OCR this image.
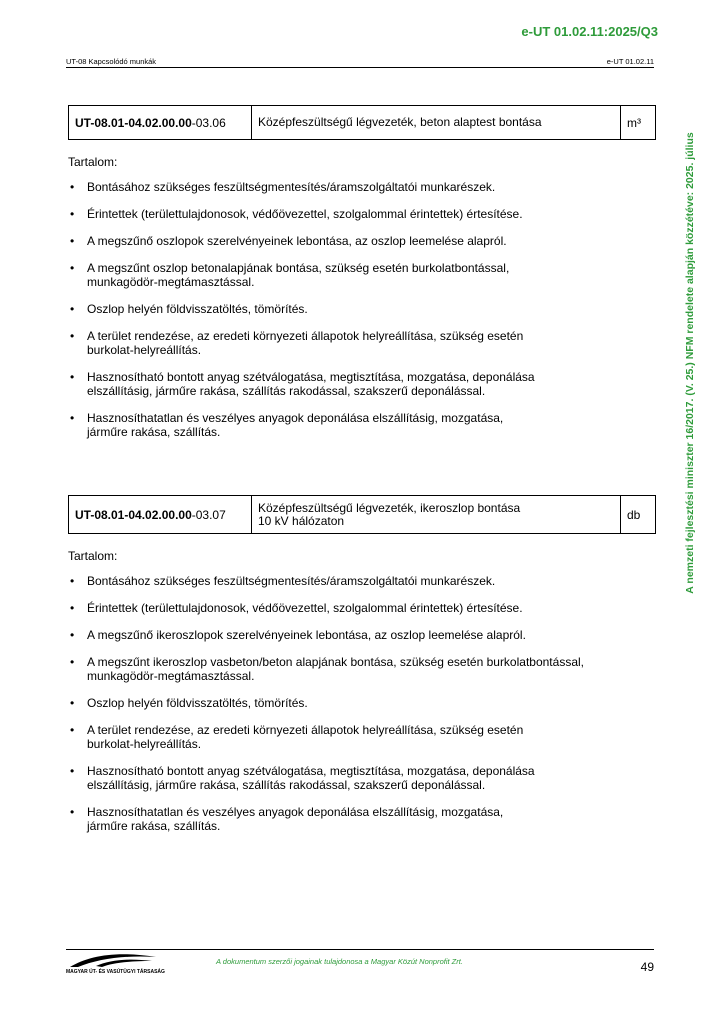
e-UT 01.02.11:2025/Q3
UT-08 Kapcsolódó munkák	e-UT 01.02.11
A nemzeti fejlesztési miniszter 16/2017. (V. 25.) NFM rendelete alapján közzétéve: 2025. július
UT-08.01-04.02.00.00-03.06	Középfeszültségű légvezeték, beton alaptest bontása	m³

Tartalom:

• Bontásához szükséges feszültségmentesítés/áramszolgáltatói munkarészek.
• Érintettek (területtulajdonosok, védőövezettel, szolgalommal érintettek) értesítése.
• A megszűnő oszlopok szerelvényeinek lebontása, az oszlop leemelése alapról.
• A megszűnt oszlop betonalapjának bontása, szükség esetén burkolatbontással,
munkagödör-megtámasztással.
• Oszlop helyén földvisszatöltés, tömörítés.
• A terület rendezése, az eredeti környezeti állapotok helyreállítása, szükség esetén
burkolat-helyreállítás.
• Hasznosítható bontott anyag szétválogatása, megtisztítása, mozgatása, deponálása
elszállításig, járműre rakása, szállítás rakodással, szakszerű deponálással.
• Hasznosíthatatlan és veszélyes anyagok deponálása elszállításig, mozgatása,
járműre rakása, szállítás.
UT-08.01-04.02.00.00-03.07	Középfeszültségű légvezeték, ikeroszlop bontása
10 kV hálózaton	db

Tartalom:

• Bontásához szükséges feszültségmentesítés/áramszolgáltatói munkarészek.
• Érintettek (területtulajdonosok, védőövezettel, szolgalommal érintettek) értesítése.
• A megszűnő ikeroszlopok szerelvényeinek lebontása, az oszlop leemelése alapról.
• A megszűnt ikeroszlop vasbeton/beton alapjának bontása, szükség esetén burkolatbontással,
munkagödör-megtámasztással.
• Oszlop helyén földvisszatöltés, tömörítés.
• A terület rendezése, az eredeti környezeti állapotok helyreállítása, szükség esetén
burkolat-helyreállítás.
• Hasznosítható bontott anyag szétválogatása, megtisztítása, mozgatása, deponálása
elszállításig, járműre rakása, szállítás rakodással, szakszerű deponálással.
• Hasznosíthatatlan és veszélyes anyagok deponálása elszállításig, mozgatása,
járműre rakása, szállítás.
MAGYAR ÚT- ÉS VASÚTÜGYI TÁRSASÁG
A dokumentum szerzői jogainak tulajdonosa a Magyar Közút Nonprofit Zrt.	49
